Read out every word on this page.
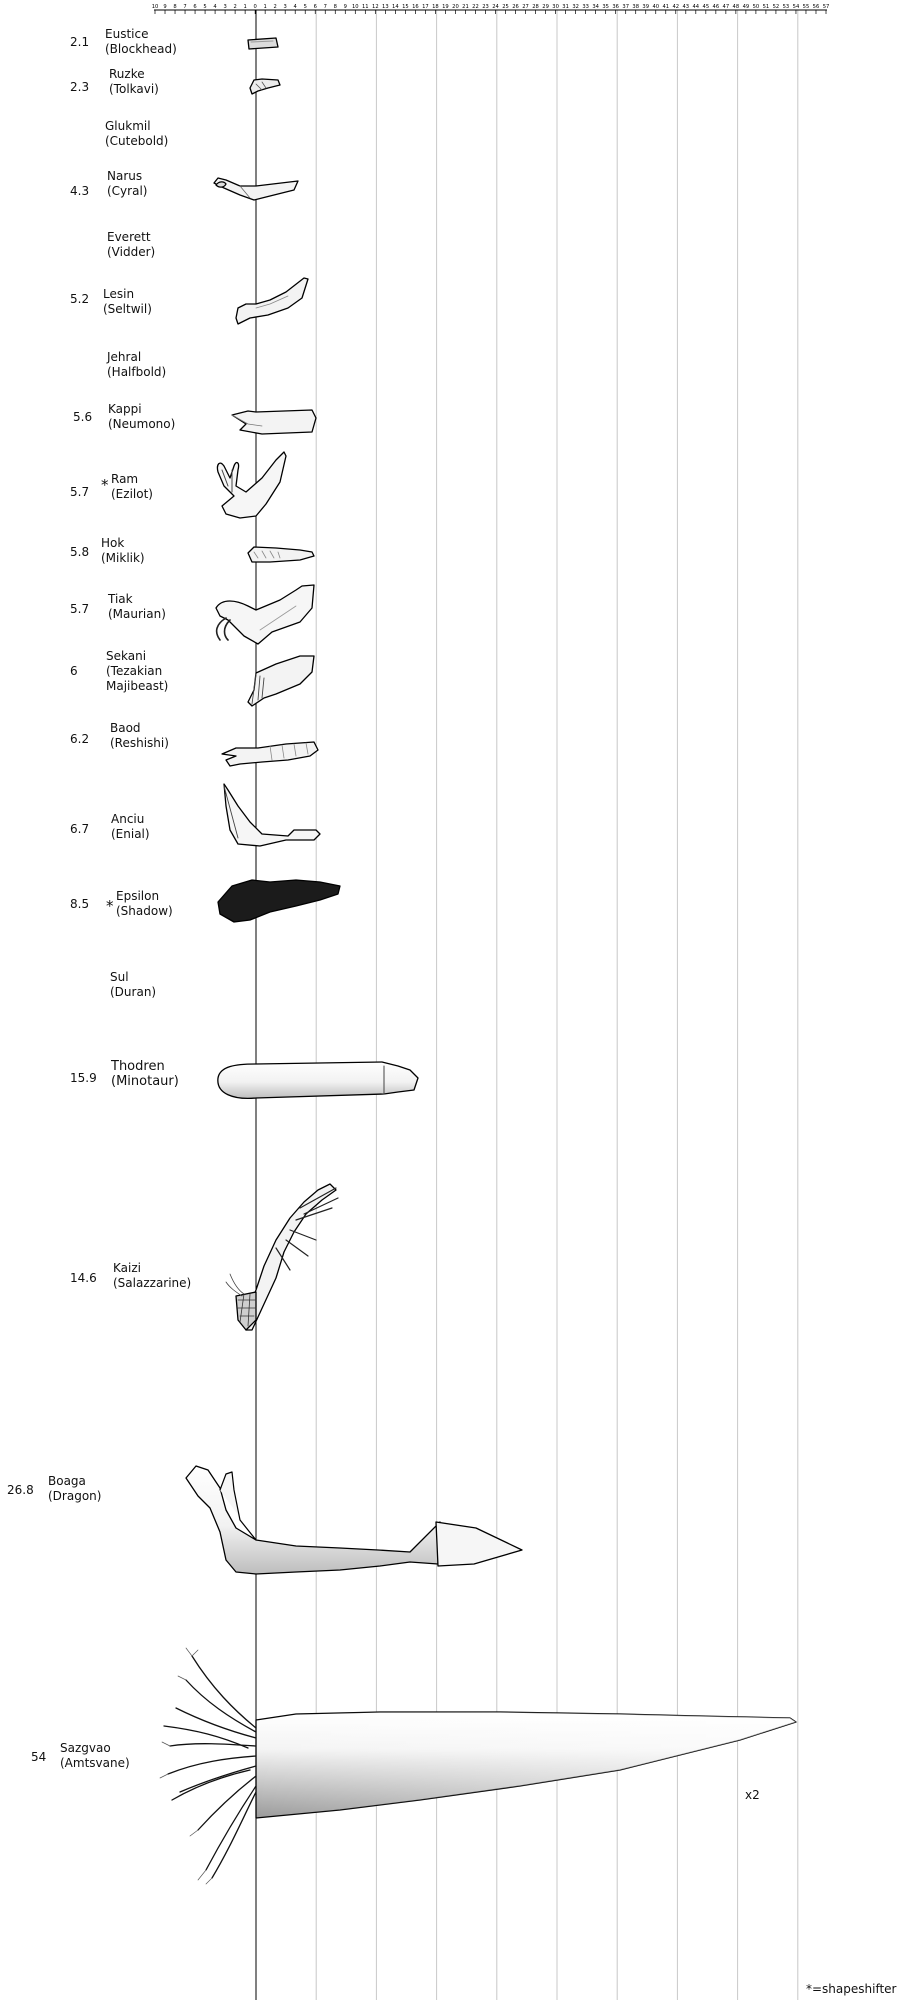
10 9 8 7 6 5 4 3 2 1 0 1 2 3 4 5 6 7 8 9 10 11 12 13 14 15 16 17 18 19 20 21 22 23 24 25 26 27 28 29 30 31 32 33 34 35 36 37 38 39 40 41 42 43 44 45 46 47 48 49 50 51 52 53 54 55 56 57
2.1
Eustice
(Blockhead)
2.3
Ruzke
(Tolkavi)
Glukmil
(Cutebold)
4.3
Narus
(Cyral)
Everett
(Vidder)
5.2 Lesin
(Seltwil)
Jehral
(Halfbold)
5.6
Kappi
(Neumono)
5.7
Ram
(Ezilot)
*
5.8
Hok
(Miklik)
5.7
Tiak
(Maurian)
6
Sekani
(Tezakian
Majibeast)
6.2
Baod
(Reshishi)
6.7
Anciu
(Enial)
8.5
Epsilon
(Shadow)
*
Sul
(Duran)
15.9
Thodren
(Minotaur)
14.6
Kaizi
(Salazzarine)
26.8
Boaga
(Dragon)
54
Sazgvao
(Amtsvane)
x2
*=shapeshifter
